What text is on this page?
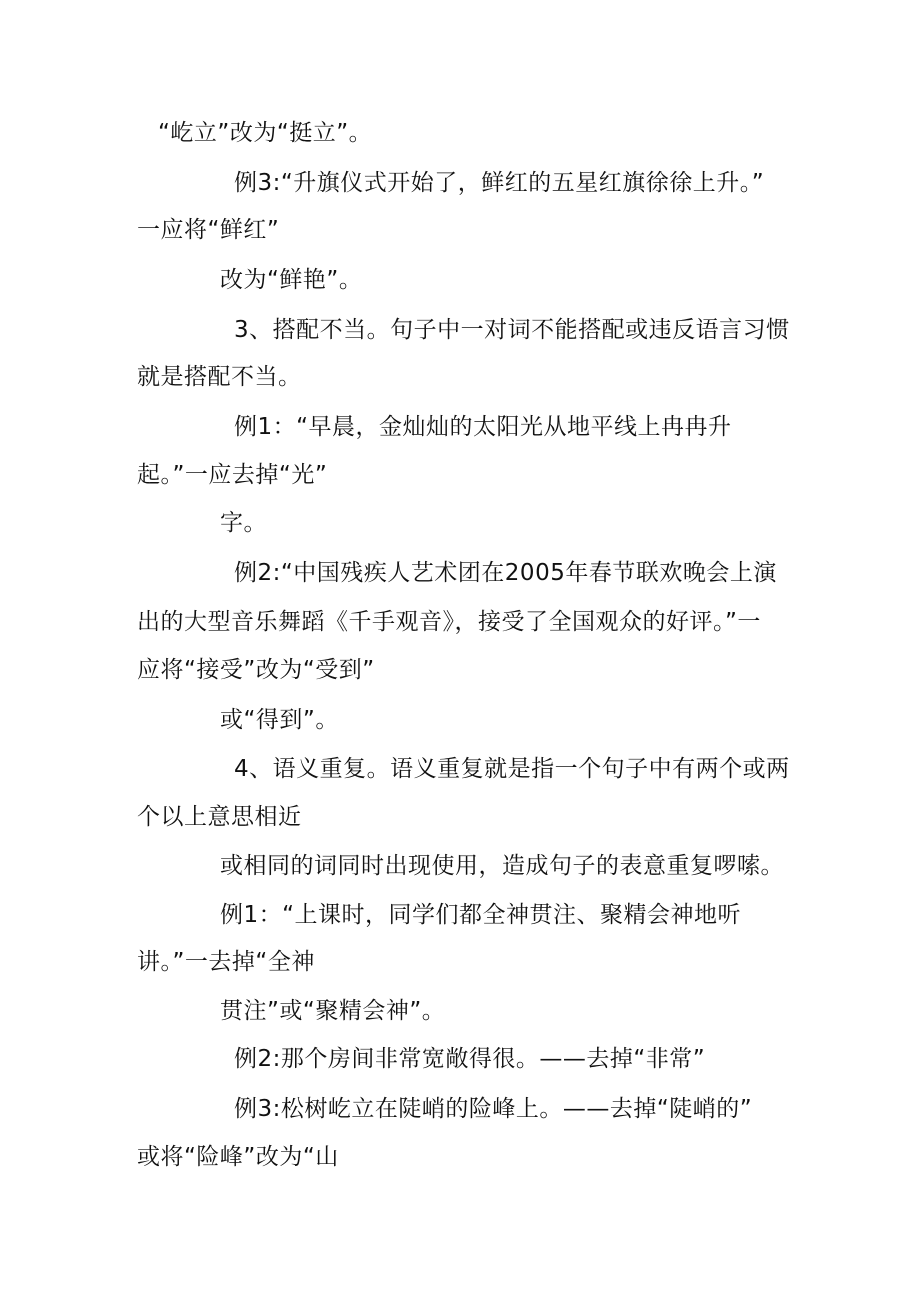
“屹立”改为“挺立”。
例3:“升旗仪式开始了，鲜红的五星红旗徐徐上升。”
一应将“鲜红”
改为“鲜艳”。
3、搭配不当。句子中一对词不能搭配或违反语言习惯
就是搭配不当。
例1：“早晨，金灿灿的太阳光从地平线上冉冉升
起。”一应去掉“光”
字。
例2:“中国残疾人艺术团在2005年春节联欢晚会上演
出的大型音乐舞蹈《千手观音》，接受了全国观众的好评。”一
应将“接受”改为“受到”
或“得到”。
4、语义重复。语义重复就是指一个句子中有两个或两
个以上意思相近
或相同的词同时出现使用，造成句子的表意重复啰嗦。
例1：“上课时，同学们都全神贯注、聚精会神地听
讲。”一去掉“全神
贯注”或“聚精会神”。
例2:那个房间非常宽敞得很。——去掉“非常”
例3:松树屹立在陡峭的险峰上。——去掉“陡峭的”
或将“险峰”改为“山
